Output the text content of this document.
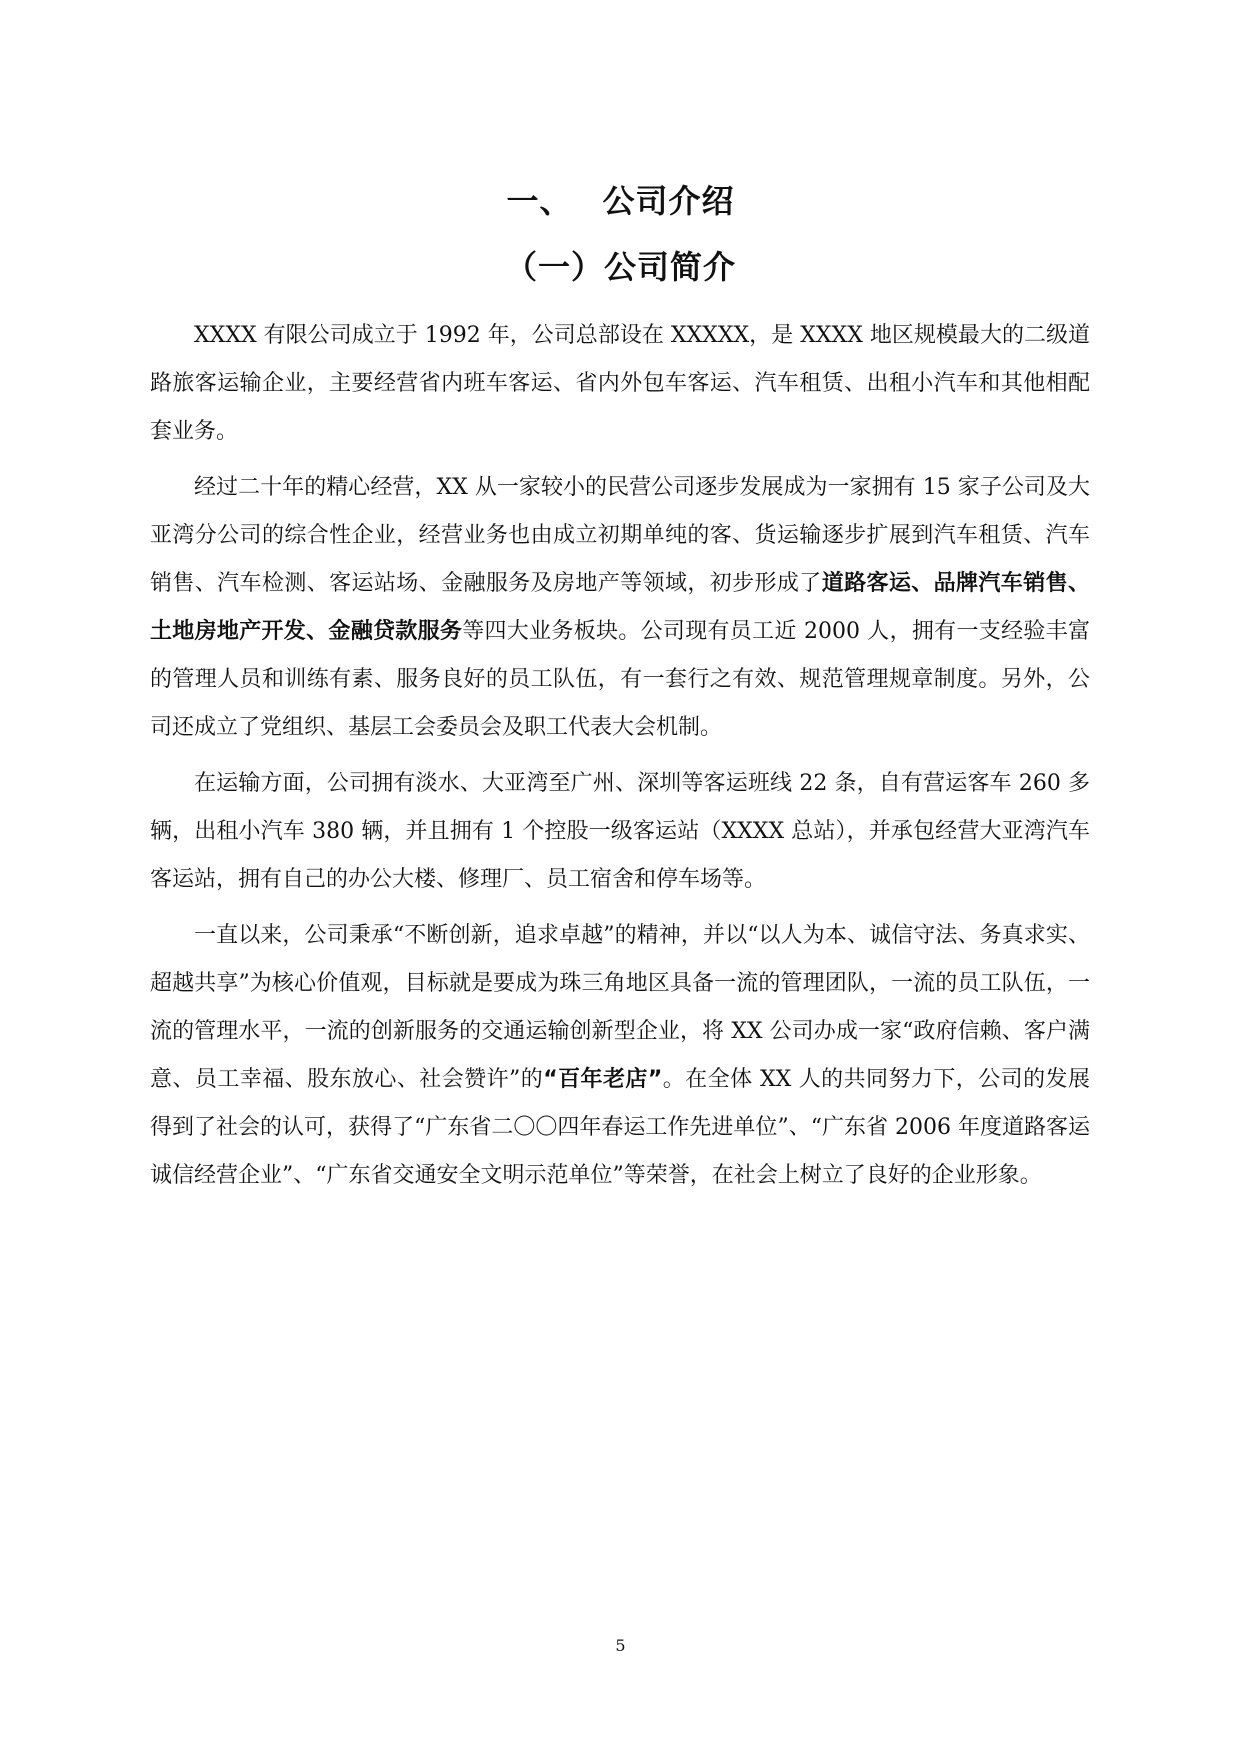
一、 公司介绍
（一）公司简介

XXXX 有限公司成立于 1992 年，公司总部设在 XXXXX，是 XXXX 地区规模最大的二级道路旅客运输企业，主要经营省内班车客运、省内外包车客运、汽车租赁、出租小汽车和其他相配套业务。

经过二十年的精心经营，XX 从一家较小的民营公司逐步发展成为一家拥有 15 家子公司及大亚湾分公司的综合性企业，经营业务也由成立初期单纯的客、货运输逐步扩展到汽车租赁、汽车销售、汽车检测、客运站场、金融服务及房地产等领域，初步形成了道路客运、品牌汽车销售、土地房地产开发、金融贷款服务等四大业务板块。公司现有员工近 2000 人，拥有一支经验丰富的管理人员和训练有素、服务良好的员工队伍，有一套行之有效、规范管理规章制度。另外，公司还成立了党组织、基层工会委员会及职工代表大会机制。

在运输方面，公司拥有淡水、大亚湾至广州、深圳等客运班线 22 条，自有营运客车 260 多辆，出租小汽车 380 辆，并且拥有 1 个控股一级客运站（XXXX 总站），并承包经营大亚湾汽车客运站，拥有自己的办公大楼、修理厂、员工宿舍和停车场等。

一直以来，公司秉承“不断创新，追求卓越”的精神，并以“以人为本、诚信守法、务真求实、超越共享”为核心价值观，目标就是要成为珠三角地区具备一流的管理团队，一流的员工队伍，一流的管理水平，一流的创新服务的交通运输创新型企业，将 XX 公司办成一家“政府信赖、客户满意、员工幸福、股东放心、社会赞许”的“百年老店”。在全体 XX 人的共同努力下，公司的发展得到了社会的认可，获得了“广东省二〇〇四年春运工作先进单位”、“广东省 2006 年度道路客运诚信经营企业”、“广东省交通安全文明示范单位”等荣誉，在社会上树立了良好的企业形象。

5
